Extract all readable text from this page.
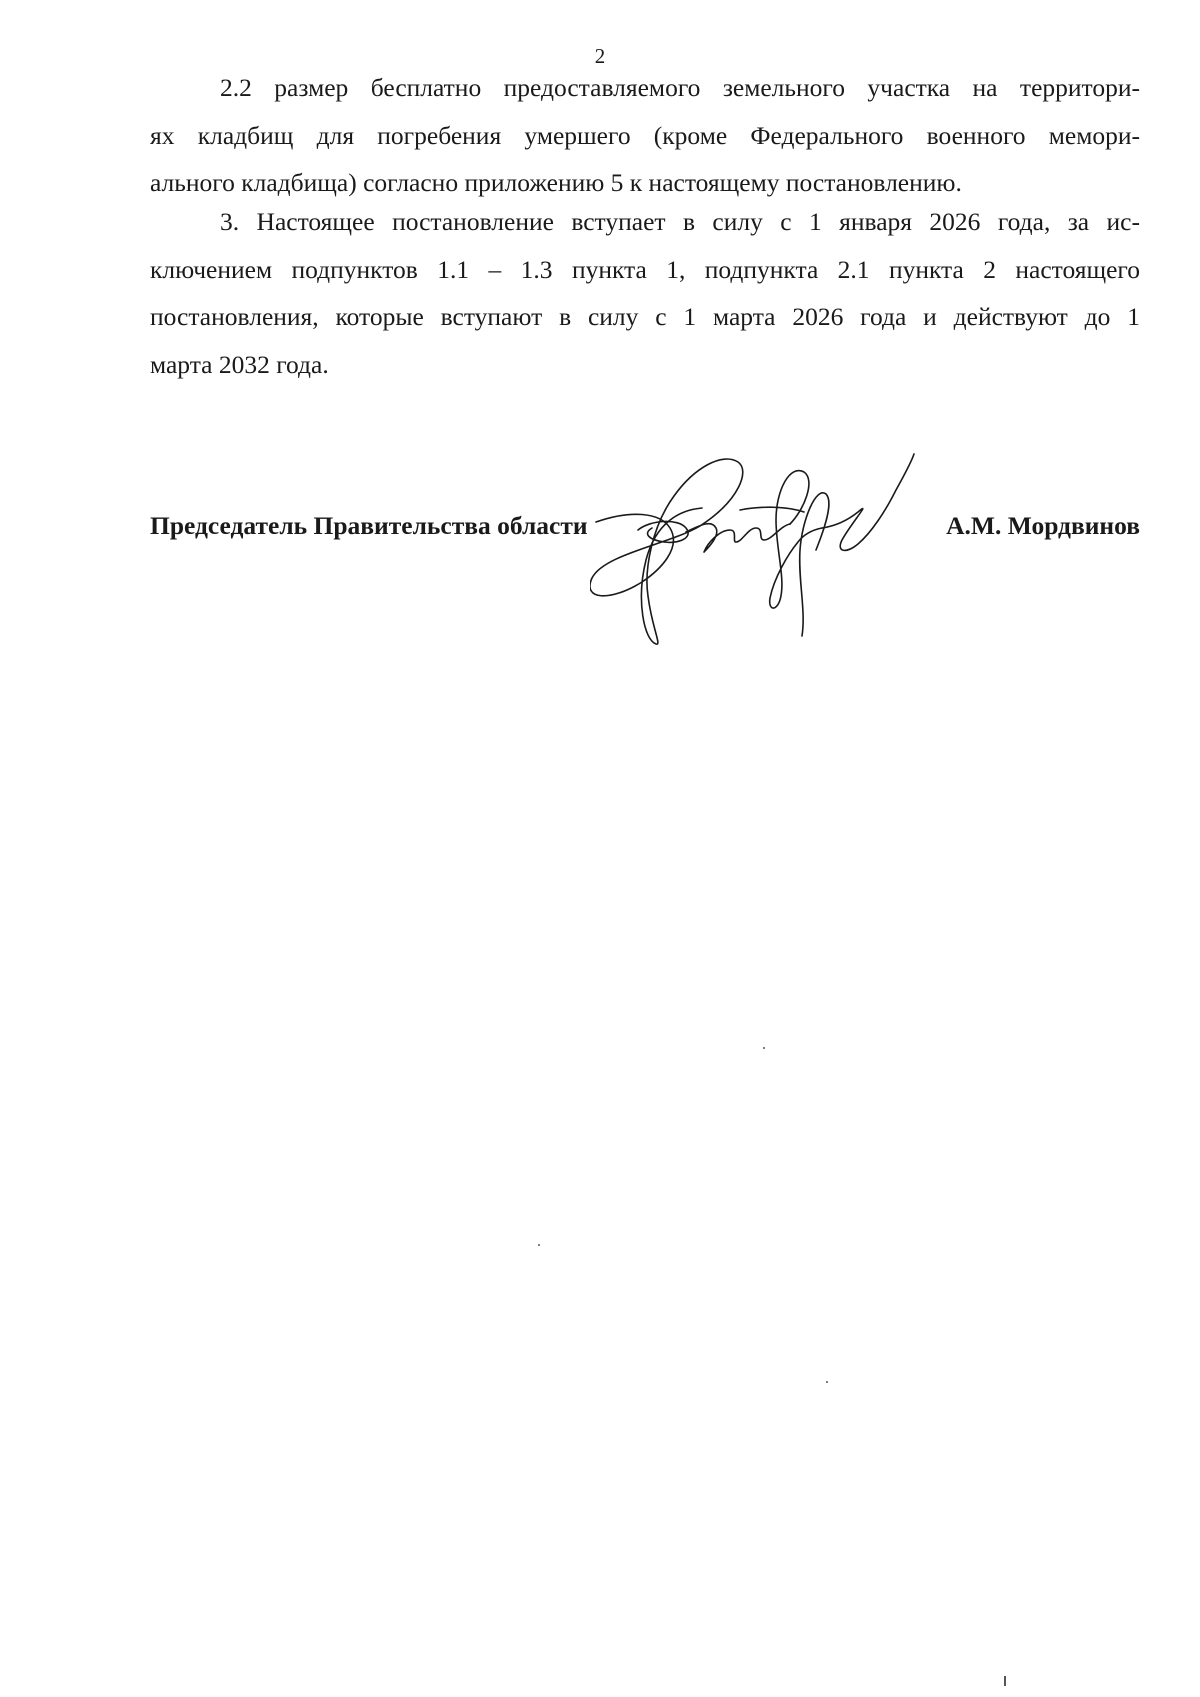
2
2.2 размер бесплатно предоставляемого земельного участка на территори-
ях кладбищ для погребения умершего (кроме Федерального военного мемори-
ального кладбища) согласно приложению 5 к настоящему постановлению.
3. Настоящее постановление вступает в силу с 1 января 2026 года, за ис-
ключением подпунктов 1.1 – 1.3 пункта 1, подпункта 2.1 пункта 2 настоящего
постановления, которые вступают в силу с 1 марта 2026 года и действуют до 1
марта 2032 года.
Председатель Правительства области	А.М. Мордвинов
